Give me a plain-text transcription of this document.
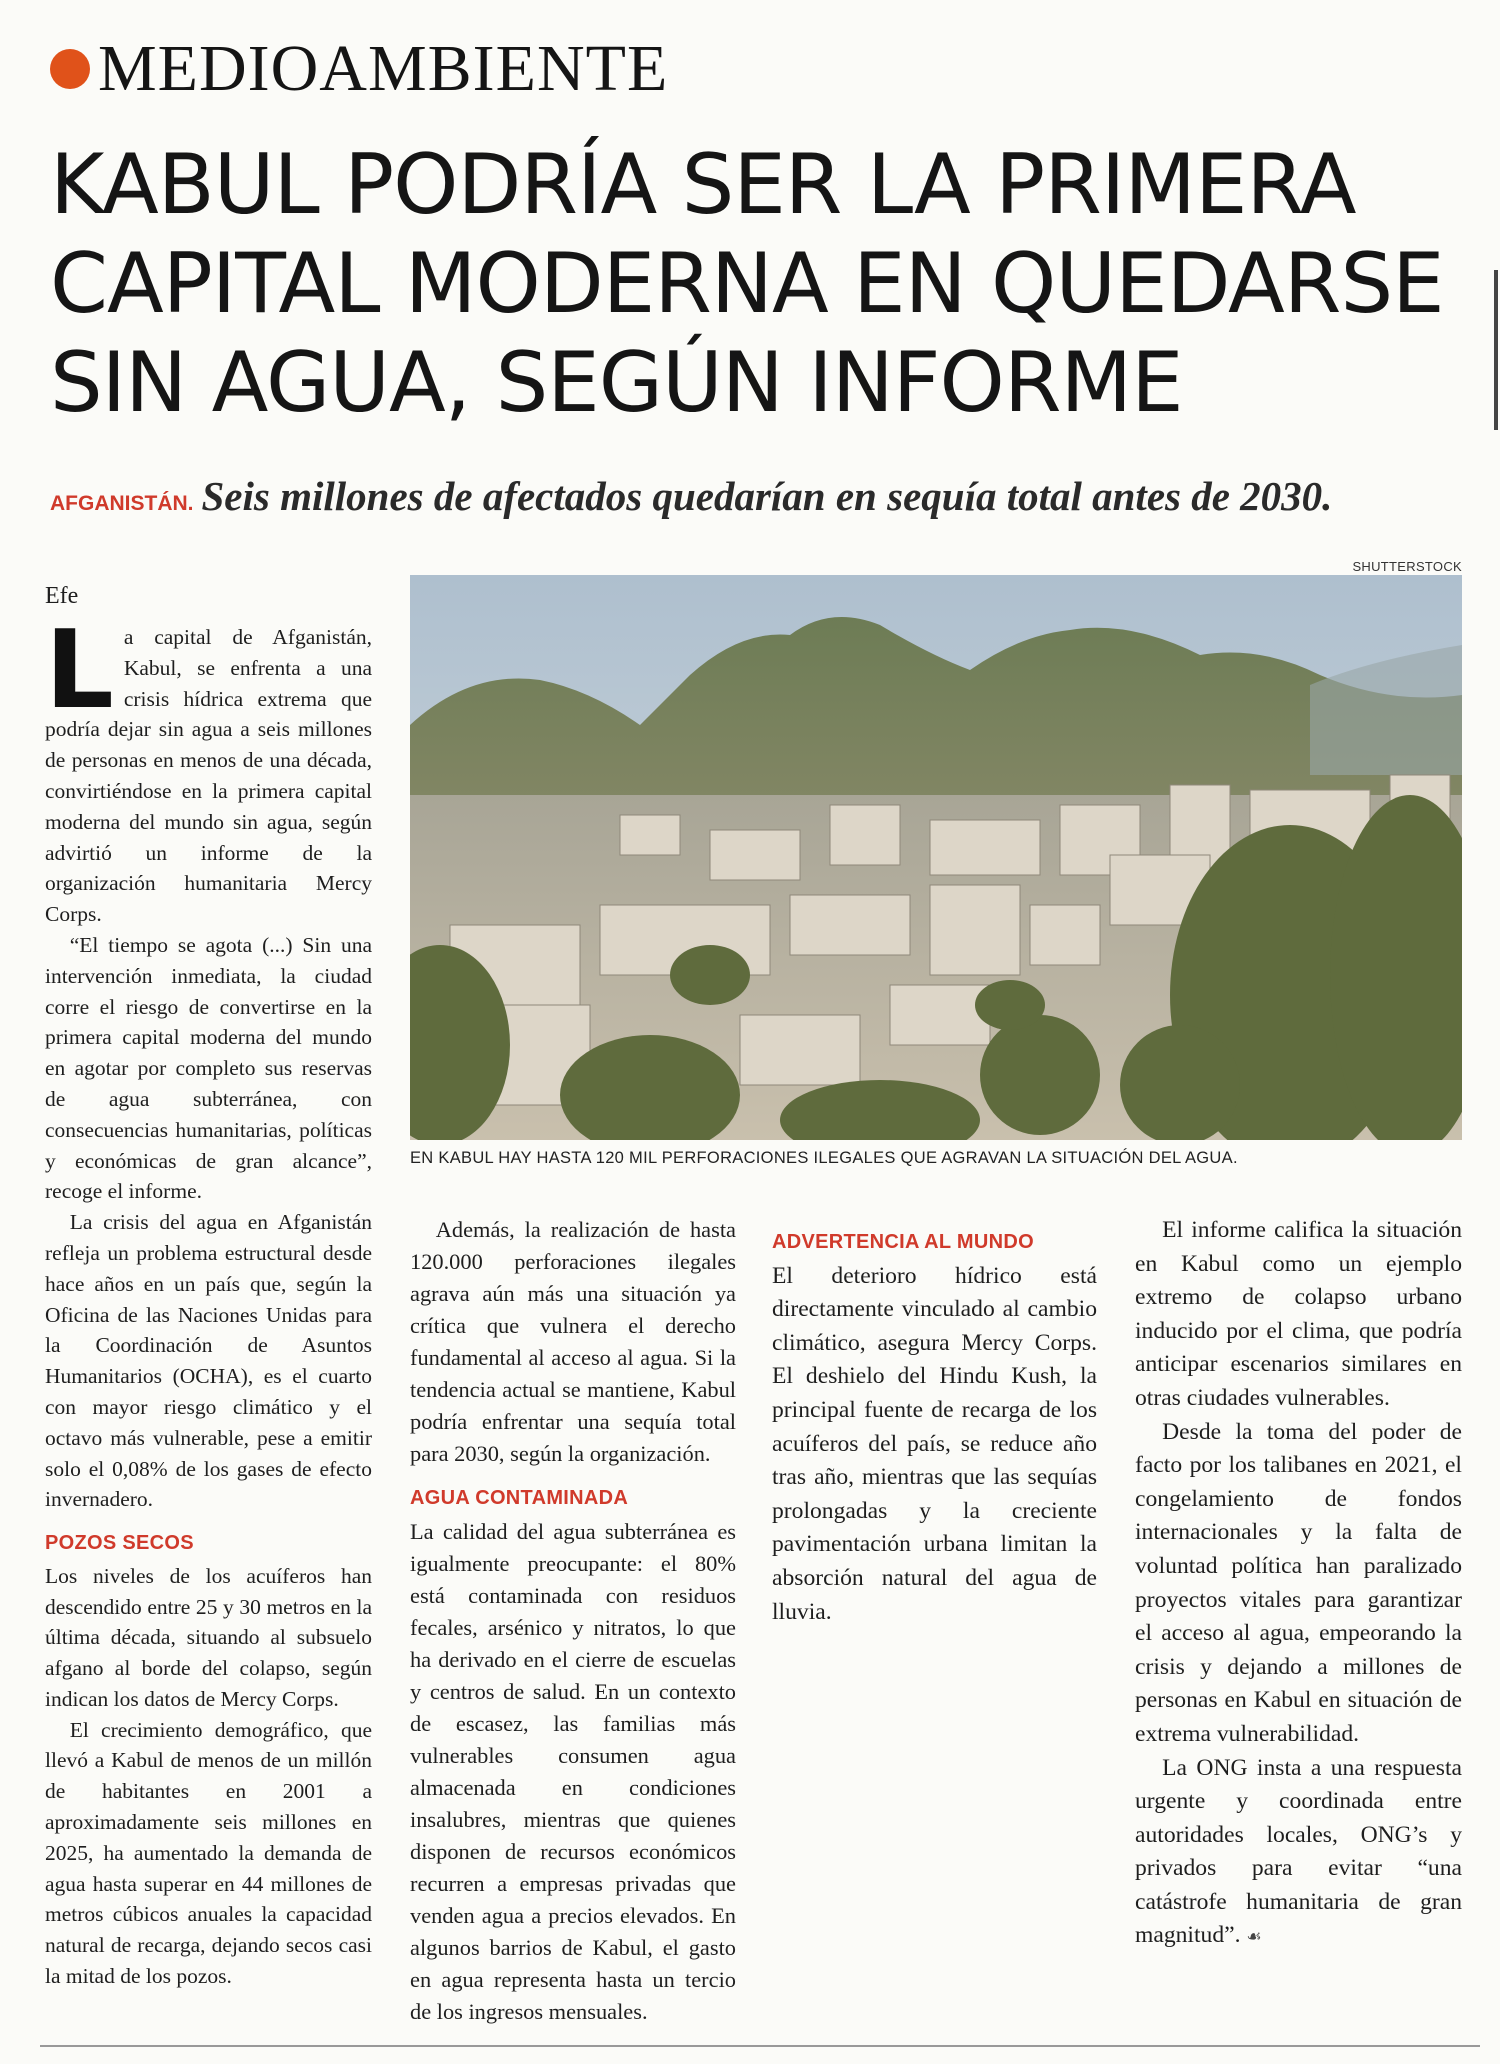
MEDIOAMBIENTE
KABUL PODRÍA SER LA PRIMERA
CAPITAL MODERNA EN QUEDARSE
SIN AGUA, SEGÚN INFORME
AFGANISTÁN. Seis millones de afectados quedarían en sequía total antes de 2030.
SHUTTERSTOCK
EN KABUL HAY HASTA 120 MIL PERFORACIONES ILEGALES QUE AGRAVAN LA SITUACIÓN DEL AGUA.
Efe

La capital de Afganistán, Kabul, se enfrenta a una crisis hídrica extrema que podría dejar sin agua a seis millones de personas en menos de una década, convirtiéndose en la primera capital moderna del mundo sin agua, según advirtió un informe de la organización humanitaria Mercy Corps.

“El tiempo se agota (...) Sin una intervención inmediata, la ciudad corre el riesgo de convertirse en la primera capital moderna del mundo en agotar por completo sus reservas de agua subterránea, con consecuencias humanitarias, políticas y económicas de gran alcance”, recoge el informe.

La crisis del agua en Afganistán refleja un problema estructural desde hace años en un país que, según la Oficina de las Naciones Unidas para la Coordinación de Asuntos Humanitarios (OCHA), es el cuarto con mayor riesgo climático y el octavo más vulnerable, pese a emitir solo el 0,08% de los gases de efecto invernadero.

POZOS SECOS

Los niveles de los acuíferos han descendido entre 25 y 30 metros en la última década, situando al subsuelo afgano al borde del colapso, según indican los datos de Mercy Corps.

El crecimiento demográfico, que llevó a Kabul de menos de un millón de habitantes en 2001 a aproximadamente seis millones en 2025, ha aumentado la demanda de agua hasta superar en 44 millones de metros cúbicos anuales la capacidad natural de recarga, dejando secos casi la mitad de los pozos.

Además, la realización de hasta 120.000 perforaciones ilegales agrava aún más una situación ya crítica que vulnera el derecho fundamental al acceso al agua. Si la tendencia actual se mantiene, Kabul podría enfrentar una sequía total para 2030, según la organización.

AGUA CONTAMINADA

La calidad del agua subterránea es igualmente preocupante: el 80% está contaminada con residuos fecales, arsénico y nitratos, lo que ha derivado en el cierre de escuelas y centros de salud. En un contexto de escasez, las familias más vulnerables consumen agua almacenada en condiciones insalubres, mientras que quienes disponen de recursos económicos recurren a empresas privadas que venden agua a precios elevados. En algunos barrios de Kabul, el gasto en agua representa hasta un tercio de los ingresos mensuales.

ADVERTENCIA AL MUNDO

El deterioro hídrico está directamente vinculado al cambio climático, asegura Mercy Corps. El deshielo del Hindu Kush, la principal fuente de recarga de los acuíferos del país, se reduce año tras año, mientras que las sequías prolongadas y la creciente pavimentación urbana limitan la absorción natural del agua de lluvia.

El informe califica la situación en Kabul como un ejemplo extremo de colapso urbano inducido por el clima, que podría anticipar escenarios similares en otras ciudades vulnerables.

Desde la toma del poder de facto por los talibanes en 2021, el congelamiento de fondos internacionales y la falta de voluntad política han paralizado proyectos vitales para garantizar el acceso al agua, empeorando la crisis y dejando a millones de personas en Kabul en situación de extrema vulnerabilidad.

La ONG insta a una respuesta urgente y coordinada entre autoridades locales, ONG’s y privados para evitar “una catástrofe humanitaria de gran magnitud”. ☙
